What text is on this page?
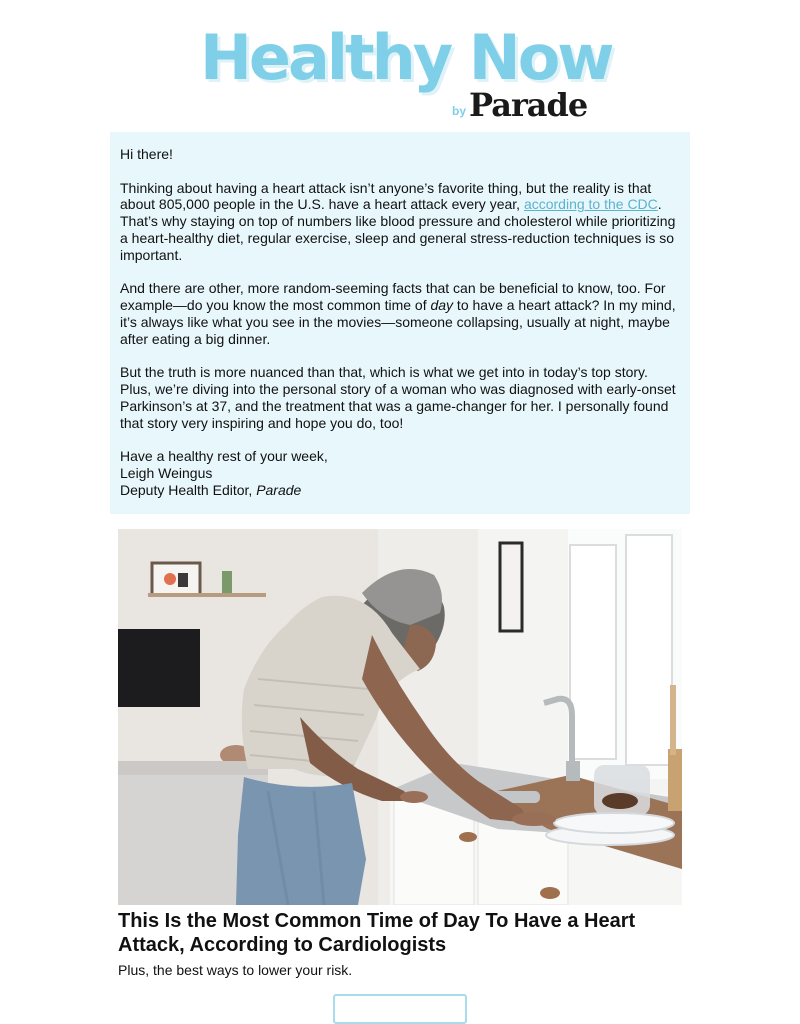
Healthy Now
by Parade

Hi there!

Thinking about having a heart attack isn’t anyone’s favorite thing, but the reality is that about 805,000 people in the U.S. have a heart attack every year, according to the CDC. That’s why staying on top of numbers like blood pressure and cholesterol while prioritizing a heart-healthy diet, regular exercise, sleep and general stress-reduction techniques is so important.

And there are other, more random-seeming facts that can be beneficial to know, too. For example—do you know the most common time of day to have a heart attack? In my mind, it’s always like what you see in the movies—someone collapsing, usually at night, maybe after eating a big dinner.

But the truth is more nuanced than that, which is what we get into in today’s top story. Plus, we’re diving into the personal story of a woman who was diagnosed with early-onset Parkinson’s at 37, and the treatment that was a game-changer for her. I personally found that story very inspiring and hope you do, too!

Have a healthy rest of your week,
Leigh Weingus
Deputy Health Editor, Parade

This Is the Most Common Time of Day To Have a Heart Attack, According to Cardiologists

Plus, the best ways to lower your risk.
